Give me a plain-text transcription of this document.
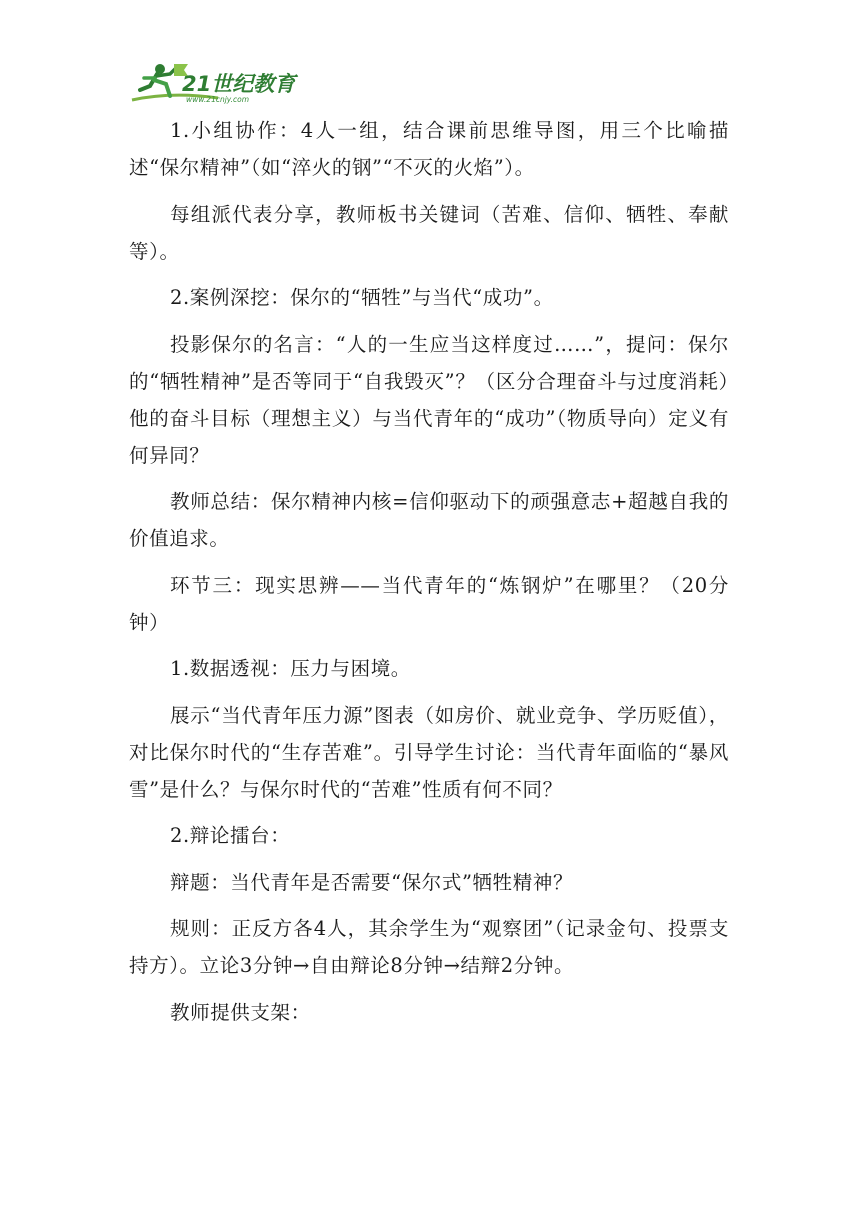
21世纪教育
www.21cnjy.com

1.小组协作：4人一组，结合课前思维导图，用三个比喻描述“保尔精神”（如“淬火的钢”“不灭的火焰”）。

每组派代表分享，教师板书关键词（苦难、信仰、牺牲、奉献等）。

2.案例深挖：保尔的“牺牲”与当代“成功”。

投影保尔的名言：“人的一生应当这样度过……”，提问：保尔的“牺牲精神”是否等同于“自我毁灭”？（区分合理奋斗与过度消耗）他的奋斗目标（理想主义）与当代青年的“成功”（物质导向）定义有何异同？

教师总结：保尔精神内核=信仰驱动下的顽强意志+超越自我的价值追求。

环节三：现实思辨——当代青年的“炼钢炉”在哪里？（20分钟）

1.数据透视：压力与困境。

展示“当代青年压力源”图表（如房价、就业竞争、学历贬值），对比保尔时代的“生存苦难”。引导学生讨论：当代青年面临的“暴风雪”是什么？与保尔时代的“苦难”性质有何不同？

2.辩论擂台：

辩题：当代青年是否需要“保尔式”牺牲精神？

规则：正反方各4人，其余学生为“观察团”（记录金句、投票支持方）。立论3分钟→自由辩论8分钟→结辩2分钟。

教师提供支架：
